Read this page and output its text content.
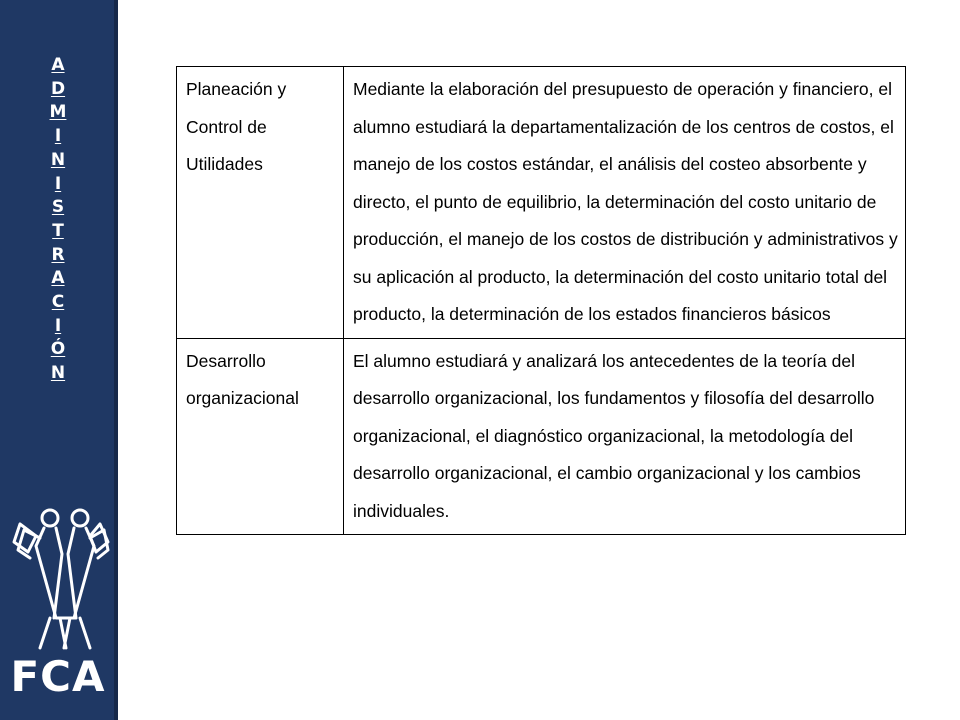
A
D
M
I
N
I
S
T
R
A
C
I
Ó
N
FCA
Planeación y Control de Utilidades	Mediante la elaboración del presupuesto de operación y financiero, el alumno estudiará la departamentalización de los centros de costos, el manejo de los costos estándar, el análisis del costeo absorbente y directo, el punto de equilibrio, la determinación del costo unitario de producción, el manejo de los costos de distribución y administrativos y su aplicación al producto, la determinación del costo unitario total del producto, la determinación de los estados financieros básicos
Desarrollo organizacional	El alumno estudiará y analizará los antecedentes de la teoría del desarrollo organizacional, los fundamentos y filosofía del desarrollo organizacional, el diagnóstico organizacional, la metodología del desarrollo organizacional, el cambio organizacional y los cambios individuales.
